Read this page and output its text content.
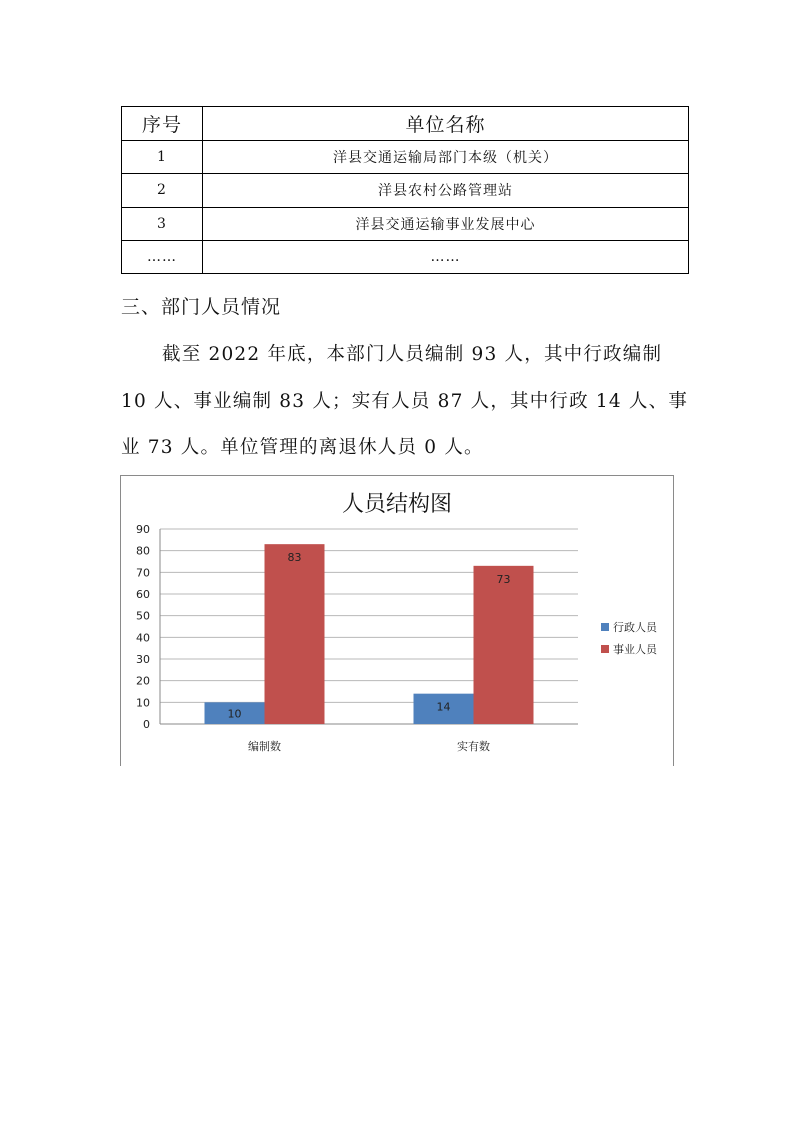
序号	单位名称
1	洋县交通运输局部门本级（机关）
2	洋县农村公路管理站
3	洋县交通运输事业发展中心
……	……
三、部门人员情况

截至 2022 年底，本部门人员编制 93 人，其中行政编制 10 人、事业编制 83 人；实有人员 87 人，其中行政 14 人、事业 73 人。单位管理的离退休人员 0 人。

人员结构图
0
10
20
30
40
50
60
70
80
90
10
83
编制数
14
73
实有数
行政人员
事业人员
